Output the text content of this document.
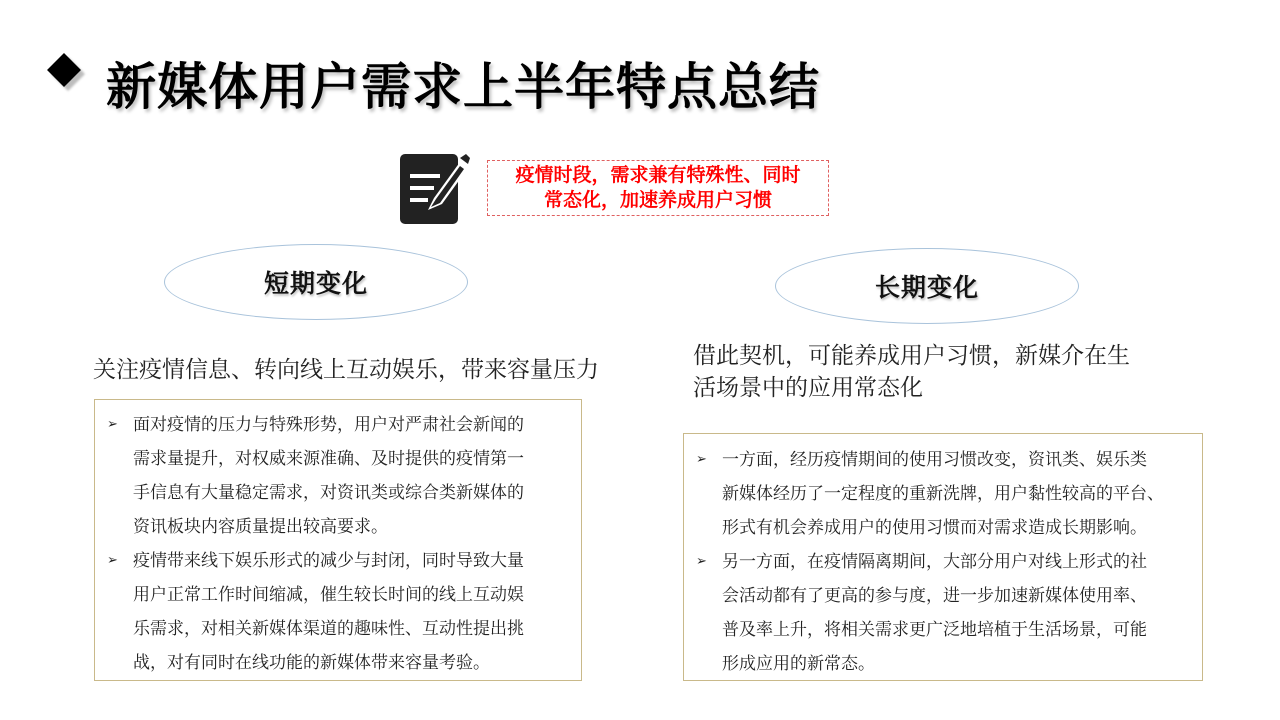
新媒体用户需求上半年特点总结
疫情时段，需求兼有特殊性、同时
常态化，加速养成用户习惯
短期变化	长期变化

关注疫情信息、转向线上互动娱乐，带来容量压力

借此契机，可能养成用户习惯，新媒介在生
活场景中的应用常态化

➢ 面对疫情的压力与特殊形势，用户对严肃社会新闻的
需求量提升，对权威来源准确、及时提供的疫情第一
手信息有大量稳定需求，对资讯类或综合类新媒体的
资讯板块内容质量提出较高要求。
➢ 疫情带来线下娱乐形式的减少与封闭，同时导致大量
用户正常工作时间缩减，催生较长时间的线上互动娱
乐需求，对相关新媒体渠道的趣味性、互动性提出挑
战，对有同时在线功能的新媒体带来容量考验。
➢ 一方面，经历疫情期间的使用习惯改变，资讯类、娱乐类
新媒体经历了一定程度的重新洗牌，用户黏性较高的平台、
形式有机会养成用户的使用习惯而对需求造成长期影响。
➢ 另一方面，在疫情隔离期间，大部分用户对线上形式的社
会活动都有了更高的参与度，进一步加速新媒体使用率、
普及率上升，将相关需求更广泛地培植于生活场景，可能
形成应用的新常态。
